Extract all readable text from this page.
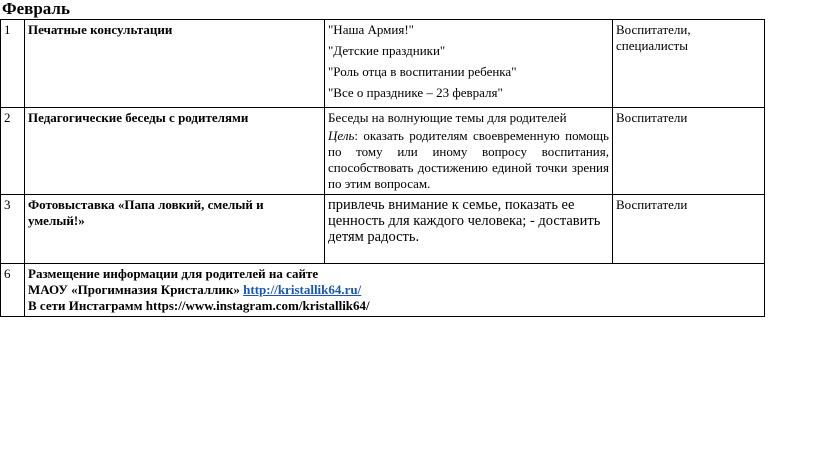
Февраль
1	Печатные консультации	"Наша Армия!"
"Детские праздники"
"Роль отца в воспитании ребенка"
"Все о празднике – 23 февраля"	Воспитатели, специалисты
2	Педагогические беседы с родителями	Беседы на волнующие темы для родителей
Цель: оказать родителям своевременную помощь по тому или иному вопросу воспитания, способствовать достижению единой точки зрения по этим вопросам.	Воспитатели
3	Фотовыставка «Папа ловкий, смелый и умелый!»	привлечь внимание к семье, показать ее ценность для каждого человека; - доставить детям радость.	Воспитатели
6	Размещение информации для родителей на сайте
МАОУ «Прогимназия Кристаллик» http://kristallik64.ru/
В сети Инстаграмм https://www.instagram.com/kristallik64/		
